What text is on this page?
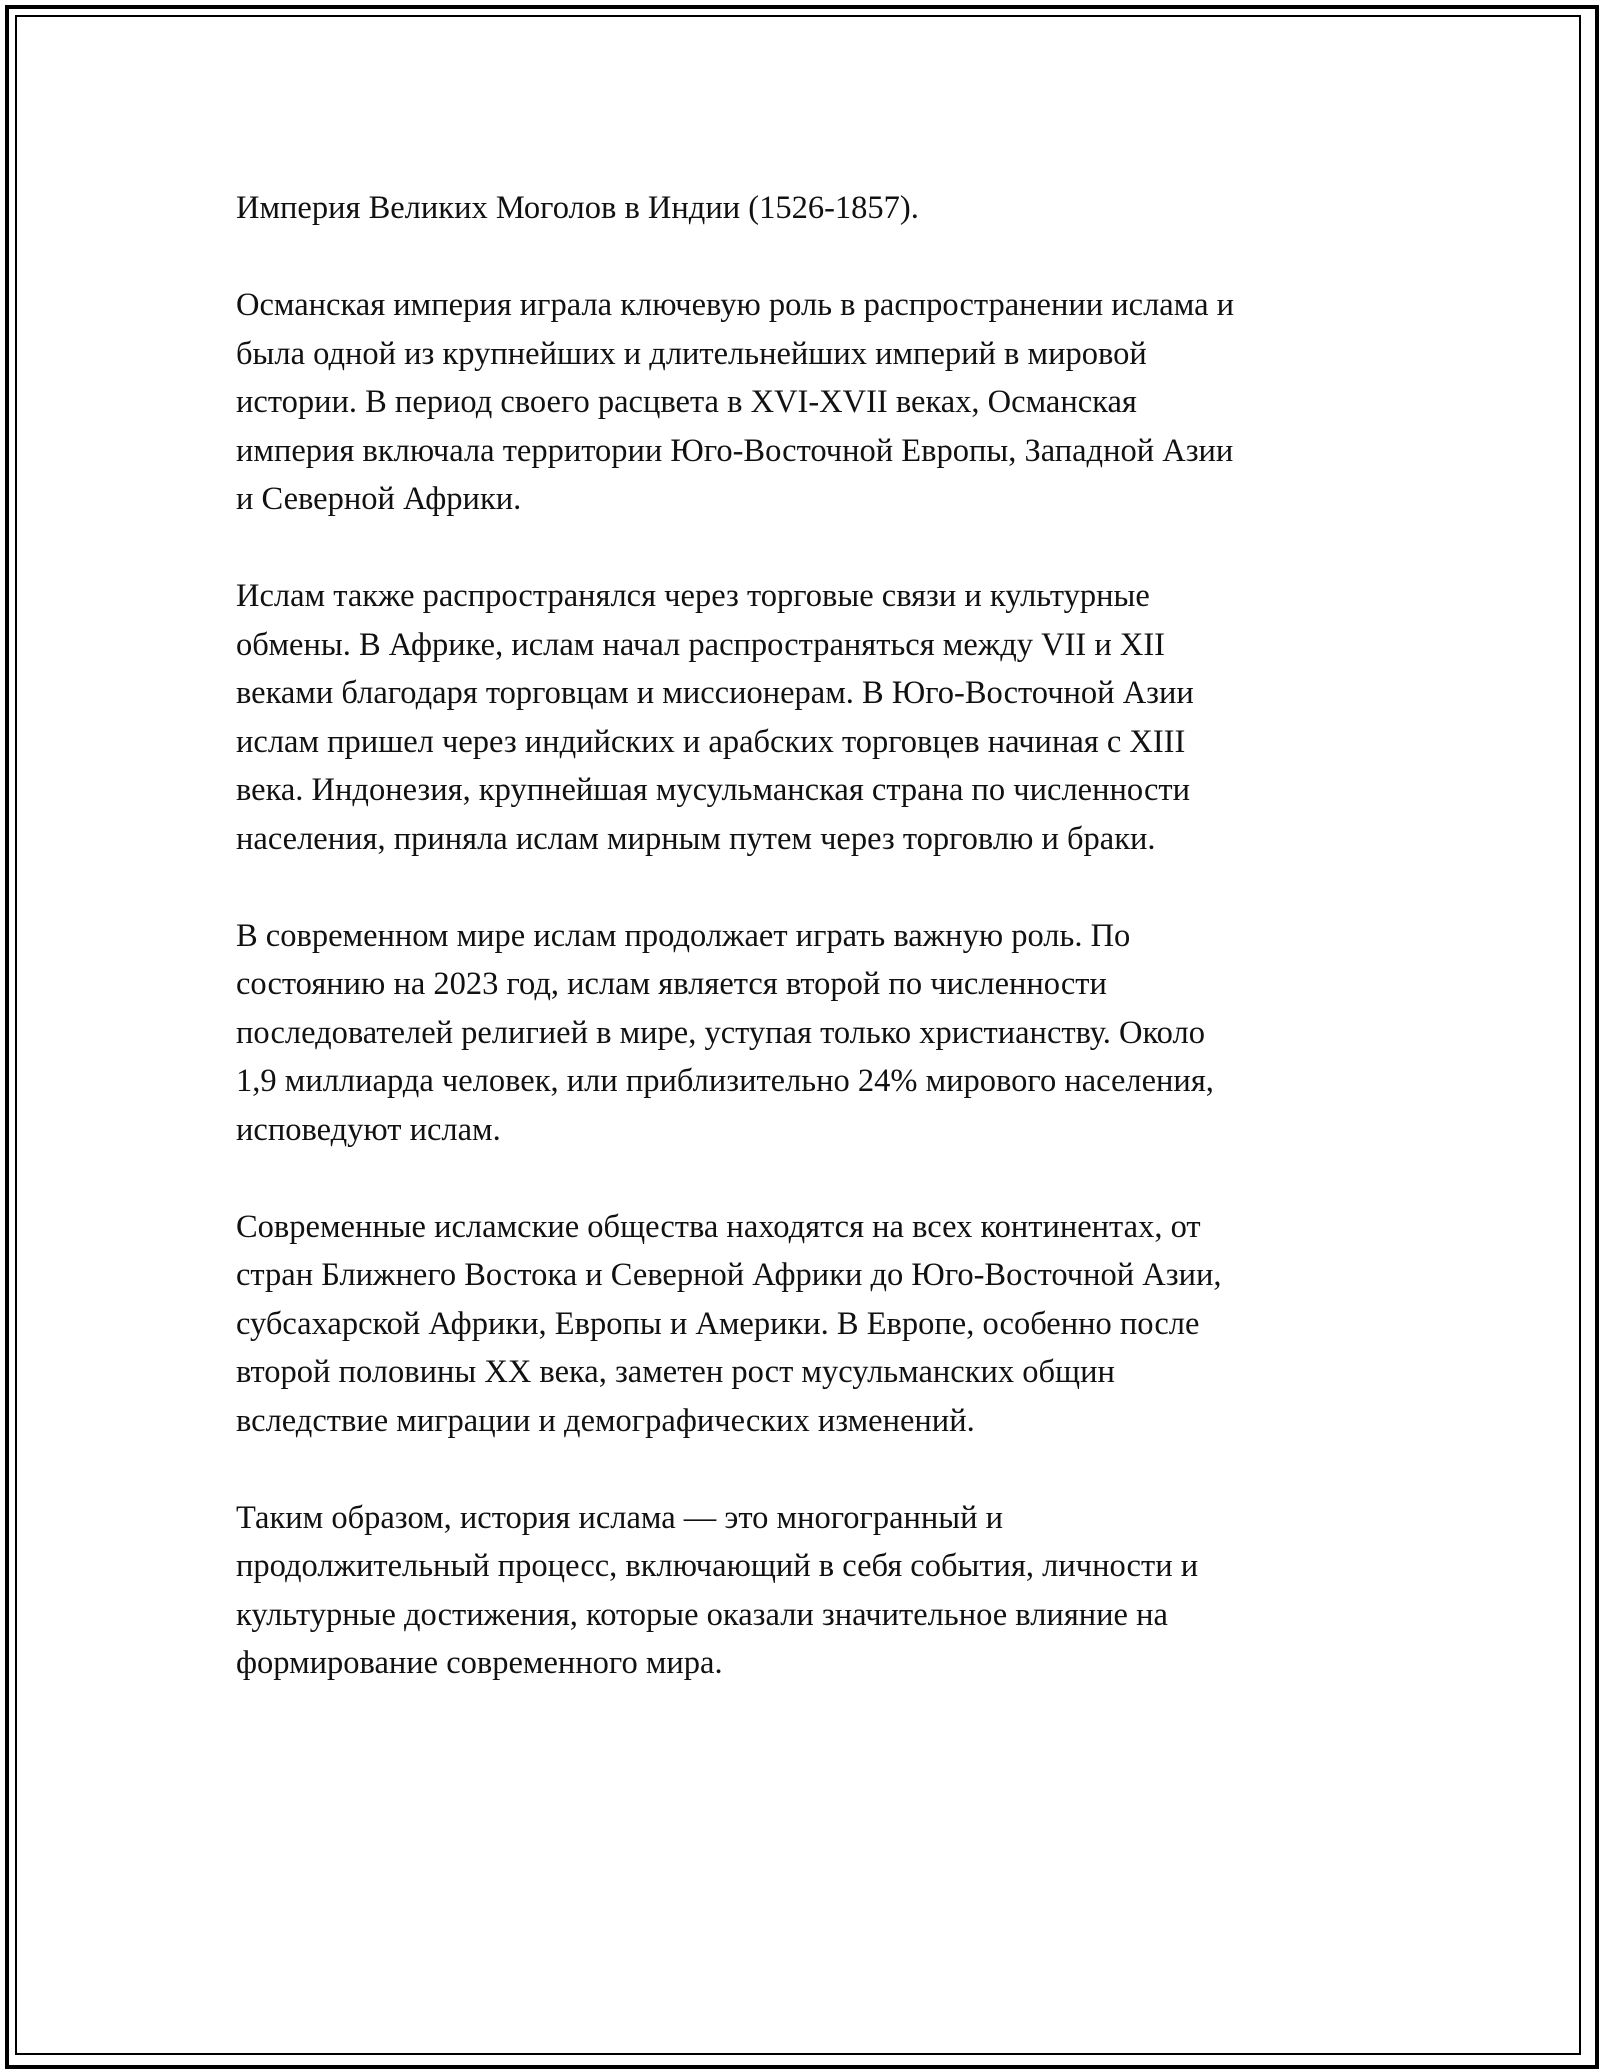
Империя Великих Моголов в Индии (1526-1857).

Османская империя играла ключевую роль в распространении ислама и
была одной из крупнейших и длительнейших империй в мировой
истории. В период своего расцвета в XVI-XVII веках, Османская
империя включала территории Юго-Восточной Европы, Западной Азии
и Северной Африки.

Ислам также распространялся через торговые связи и культурные
обмены. В Африке, ислам начал распространяться между VII и XII
веками благодаря торговцам и миссионерам. В Юго-Восточной Азии
ислам пришел через индийских и арабских торговцев начиная с XIII
века. Индонезия, крупнейшая мусульманская страна по численности
населения, приняла ислам мирным путем через торговлю и браки.

В современном мире ислам продолжает играть важную роль. По
состоянию на 2023 год, ислам является второй по численности
последователей религией в мире, уступая только христианству. Около
1,9 миллиарда человек, или приблизительно 24% мирового населения,
исповедуют ислам.

Современные исламские общества находятся на всех континентах, от
стран Ближнего Востока и Северной Африки до Юго-Восточной Азии,
субсахарской Африки, Европы и Америки. В Европе, особенно после
второй половины XX века, заметен рост мусульманских общин
вследствие миграции и демографических изменений.

Таким образом, история ислама — это многогранный и
продолжительный процесс, включающий в себя события, личности и
культурные достижения, которые оказали значительное влияние на
формирование современного мира.
